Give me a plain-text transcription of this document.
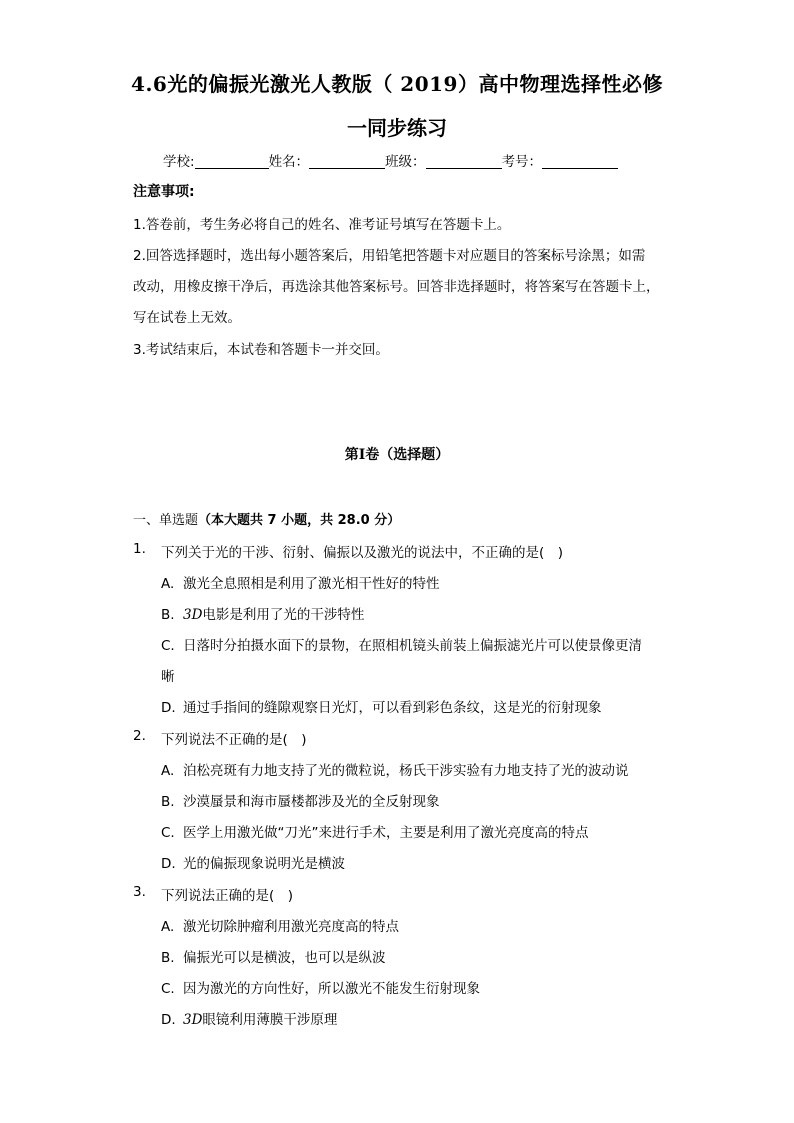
4.6光的偏振光激光人教版（ 2019）高中物理选择性必修
一同步练习
学校:	姓名：	班级：	考号：
注意事项:
1.答卷前，考生务必将自己的姓名、准考证号填写在答题卡上。
2.回答选择题时，选出每小题答案后，用铅笔把答题卡对应题目的答案标号涂黑；如需
改动，用橡皮擦干净后，再选涂其他答案标号。回答非选择题时，将答案写在答题卡上，
写在试卷上无效。
3.考试结束后，本试卷和答题卡一并交回。
第I卷（选择题）
一、单选题（本大题共 7 小题，共 28.0 分）
1. 下列关于光的干涉、衍射、偏振以及激光的说法中，不正确的是(　)
A. 激光全息照相是利用了激光相干性好的特性
B. 3D电影是利用了光的干涉特性
C. 日落时分拍摄水面下的景物，在照相机镜头前装上偏振滤光片可以使景像更清
晰
D. 通过手指间的缝隙观察日光灯，可以看到彩色条纹，这是光的衍射现象
2. 下列说法不正确的是(　)
A. 泊松亮斑有力地支持了光的微粒说，杨氏干涉实验有力地支持了光的波动说
B. 沙漠蜃景和海市蜃楼都涉及光的全反射现象
C. 医学上用激光做“刀光”来进行手术，主要是利用了激光亮度高的特点
D. 光的偏振现象说明光是横波
3. 下列说法正确的是(　)
A. 激光切除肿瘤利用激光亮度高的特点
B. 偏振光可以是横波，也可以是纵波
C. 因为激光的方向性好，所以激光不能发生衍射现象
D. 3D眼镜利用薄膜干涉原理
